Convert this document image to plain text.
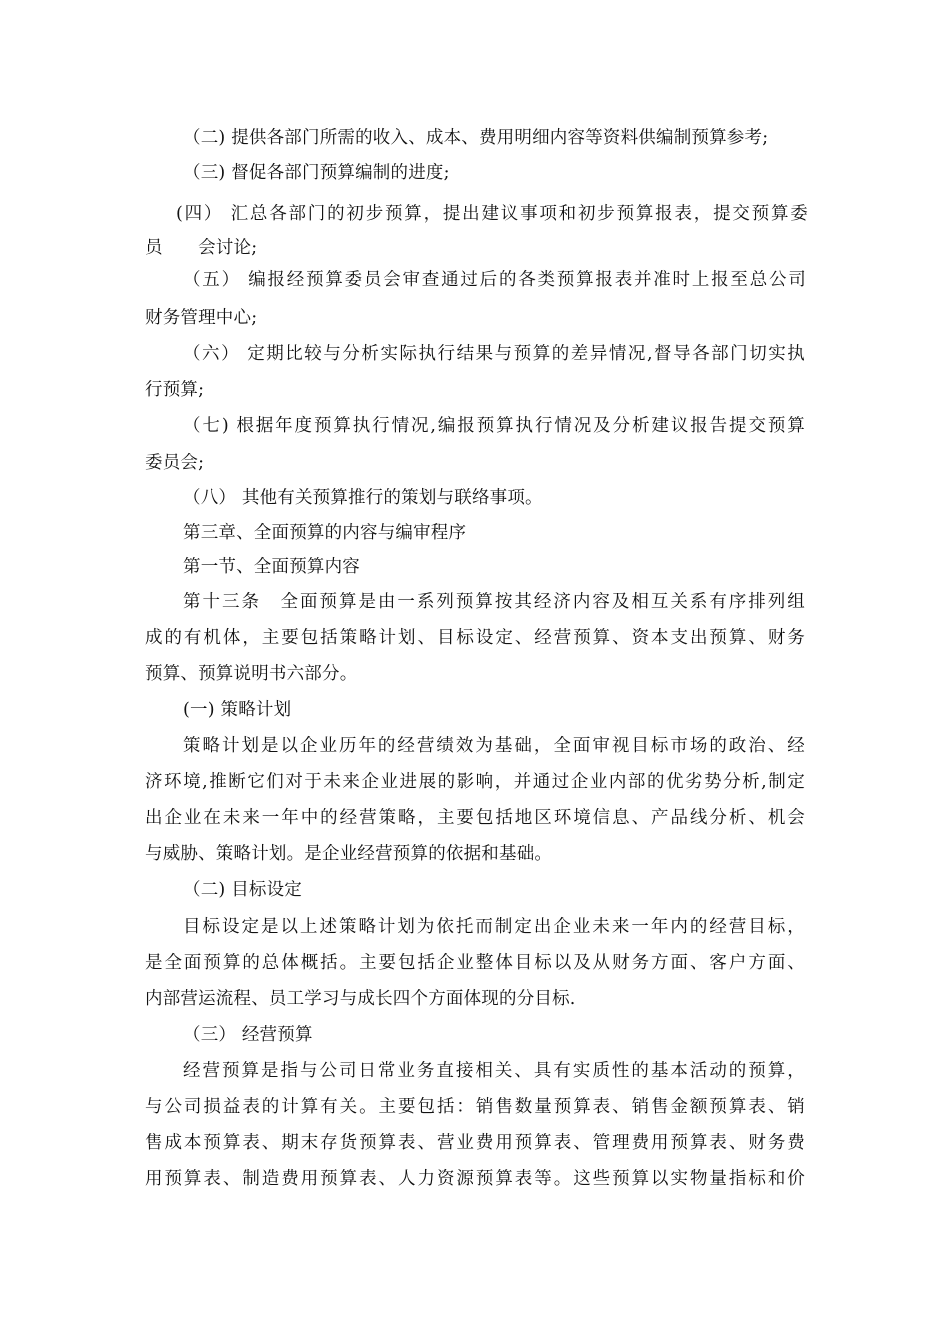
（二) 提供各部门所需的收入、成本、费用明细内容等资料供编制预算参考;
（三) 督促各部门预算编制的进度;
(四） 汇总各部门的初步预算，提出建议事项和初步预算报表，提交预算委
员　　会讨论;
（五） 编报经预算委员会审查通过后的各类预算报表并准时上报至总公司
财务管理中心;
（六） 定期比较与分析实际执行结果与预算的差异情况,督导各部门切实执
行预算;
（七) 根据年度预算执行情况,编报预算执行情况及分析建议报告提交预算
委员会;
（八） 其他有关预算推行的策划与联络事项。
第三章、全面预算的内容与编审程序
第一节、全面预算内容
第十三条　全面预算是由一系列预算按其经济内容及相互关系有序排列组
成的有机体，主要包括策略计划、目标设定、经营预算、资本支出预算、财务
预算、预算说明书六部分。
(一) 策略计划
策略计划是以企业历年的经营绩效为基础，全面审视目标市场的政治、经
济环境,推断它们对于未来企业进展的影响，并通过企业内部的优劣势分析,制定
出企业在未来一年中的经营策略，主要包括地区环境信息、产品线分析、机会
与威胁、策略计划。是企业经营预算的依据和基础。
（二) 目标设定
目标设定是以上述策略计划为依托而制定出企业未来一年内的经营目标，
是全面预算的总体概括。主要包括企业整体目标以及从财务方面、客户方面、
内部营运流程、员工学习与成长四个方面体现的分目标.
（三） 经营预算
经营预算是指与公司日常业务直接相关、具有实质性的基本活动的预算，
与公司损益表的计算有关。主要包括：销售数量预算表、销售金额预算表、销
售成本预算表、期末存货预算表、营业费用预算表、管理费用预算表、财务费
用预算表、制造费用预算表、人力资源预算表等。这些预算以实物量指标和价
